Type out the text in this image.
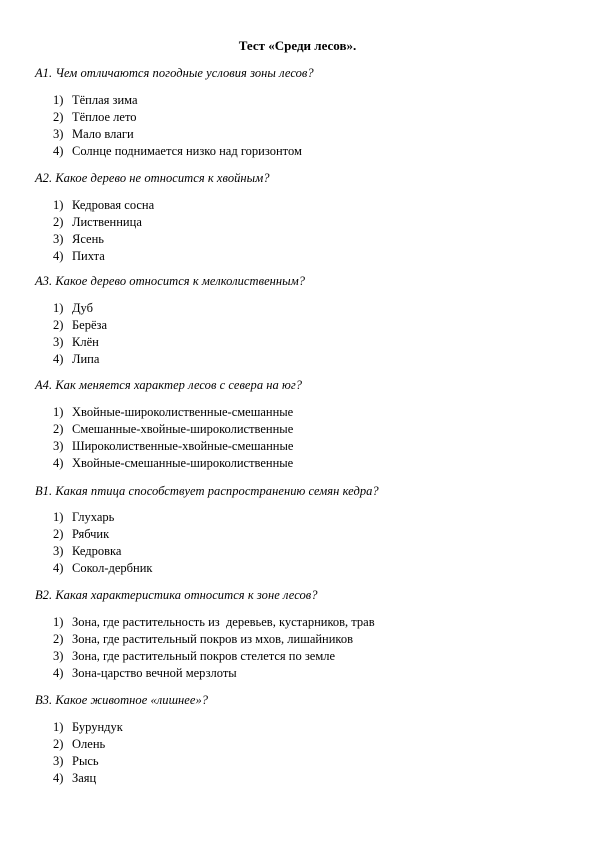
Тест «Среди лесов».
А1. Чем отличаются погодные условия зоны лесов?
1) Тёплая зима
2) Тёплое лето
3) Мало влаги
4) Солнце поднимается низко над горизонтом
А2. Какое дерево не относится к хвойным?
1) Кедровая сосна
2) Лиственница
3) Ясень
4) Пихта
А3. Какое дерево относится к мелколиственным?
1) Дуб
2) Берёза
3) Клён
4) Липа
А4. Как меняется характер лесов с севера на юг?
1) Хвойные-широколиственные-смешанные
2) Смешанные-хвойные-широколиственные
3) Широколиственные-хвойные-смешанные
4) Хвойные-смешанные-широколиственные
В1. Какая птица способствует распространению семян кедра?
1) Глухарь
2) Рябчик
3) Кедровка
4) Сокол-дербник
В2. Какая характеристика относится к зоне лесов?
1) Зона, где растительность из  деревьев, кустарников, трав
2) Зона, где растительный покров из мхов, лишайников
3) Зона, где растительный покров стелется по земле
4) Зона-царство вечной мерзлоты
В3. Какое животное «лишнее»?
1) Бурундук
2) Олень
3) Рысь
4) Заяц
